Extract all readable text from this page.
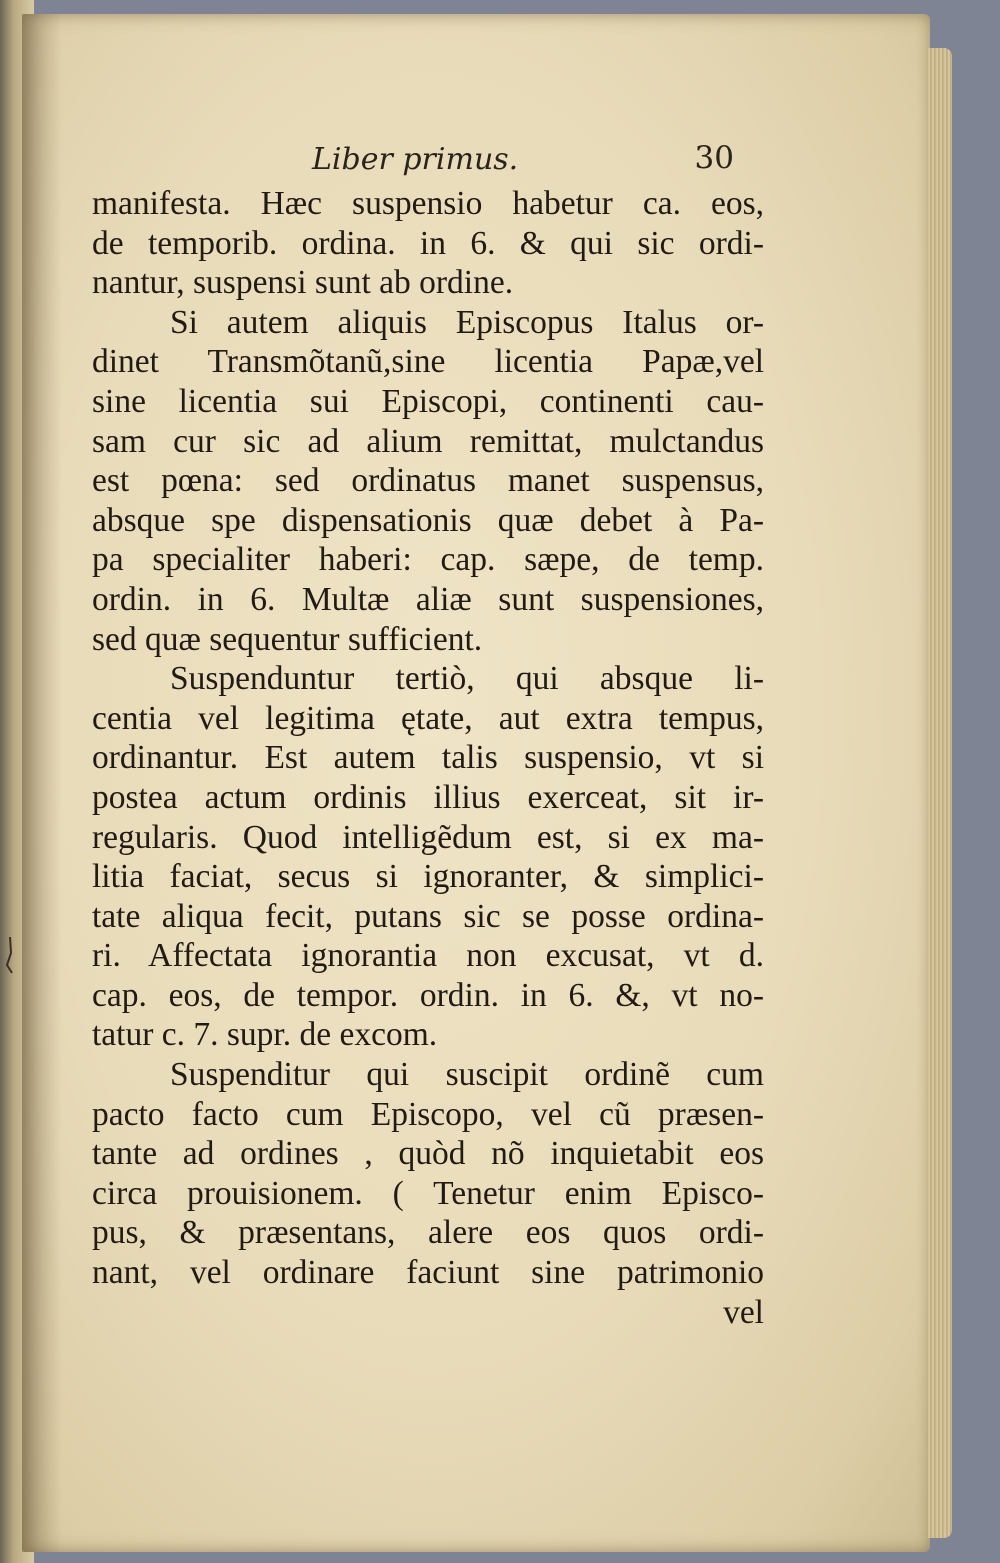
Liber primus.	30
manifesta. Hæc suspensio habetur ca. eos,
de temporib. ordina. in 6. & qui sic ordi-
nantur, suspensi sunt ab ordine.
Si autem aliquis Episcopus Italus or-
dinet Transmõtanũ,sine licentia Papæ,vel
sine licentia sui Episcopi, continenti cau-
sam cur sic ad alium remittat, mulctandus
est pœna: sed ordinatus manet suspensus,
absque spe dispensationis quæ debet à Pa-
pa specialiter haberi: cap. sæpe, de temp.
ordin. in 6. Multæ aliæ sunt suspensiones,
sed quæ sequentur sufficient.
Suspenduntur tertiò, qui absque li-
centia vel legitima ętate, aut extra tempus,
ordinantur. Est autem talis suspensio, vt si
postea actum ordinis illius exerceat, sit ir-
regularis. Quod intelligẽdum est, si ex ma-
litia faciat, secus si ignoranter, & simplici-
tate aliqua fecit, putans sic se posse ordina-
ri. Affectata ignorantia non excusat, vt d.
cap. eos, de tempor. ordin. in 6. &, vt no-
tatur c. 7. supr. de excom.
Suspenditur qui suscipit ordinẽ cum
pacto facto cum Episcopo, vel cũ præsen-
tante ad ordines , quòd nõ inquietabit eos
circa prouisionem. ( Tenetur enim Episco-
pus, & præsentans, alere eos quos ordi-
nant, vel ordinare faciunt sine patrimonio
vel
